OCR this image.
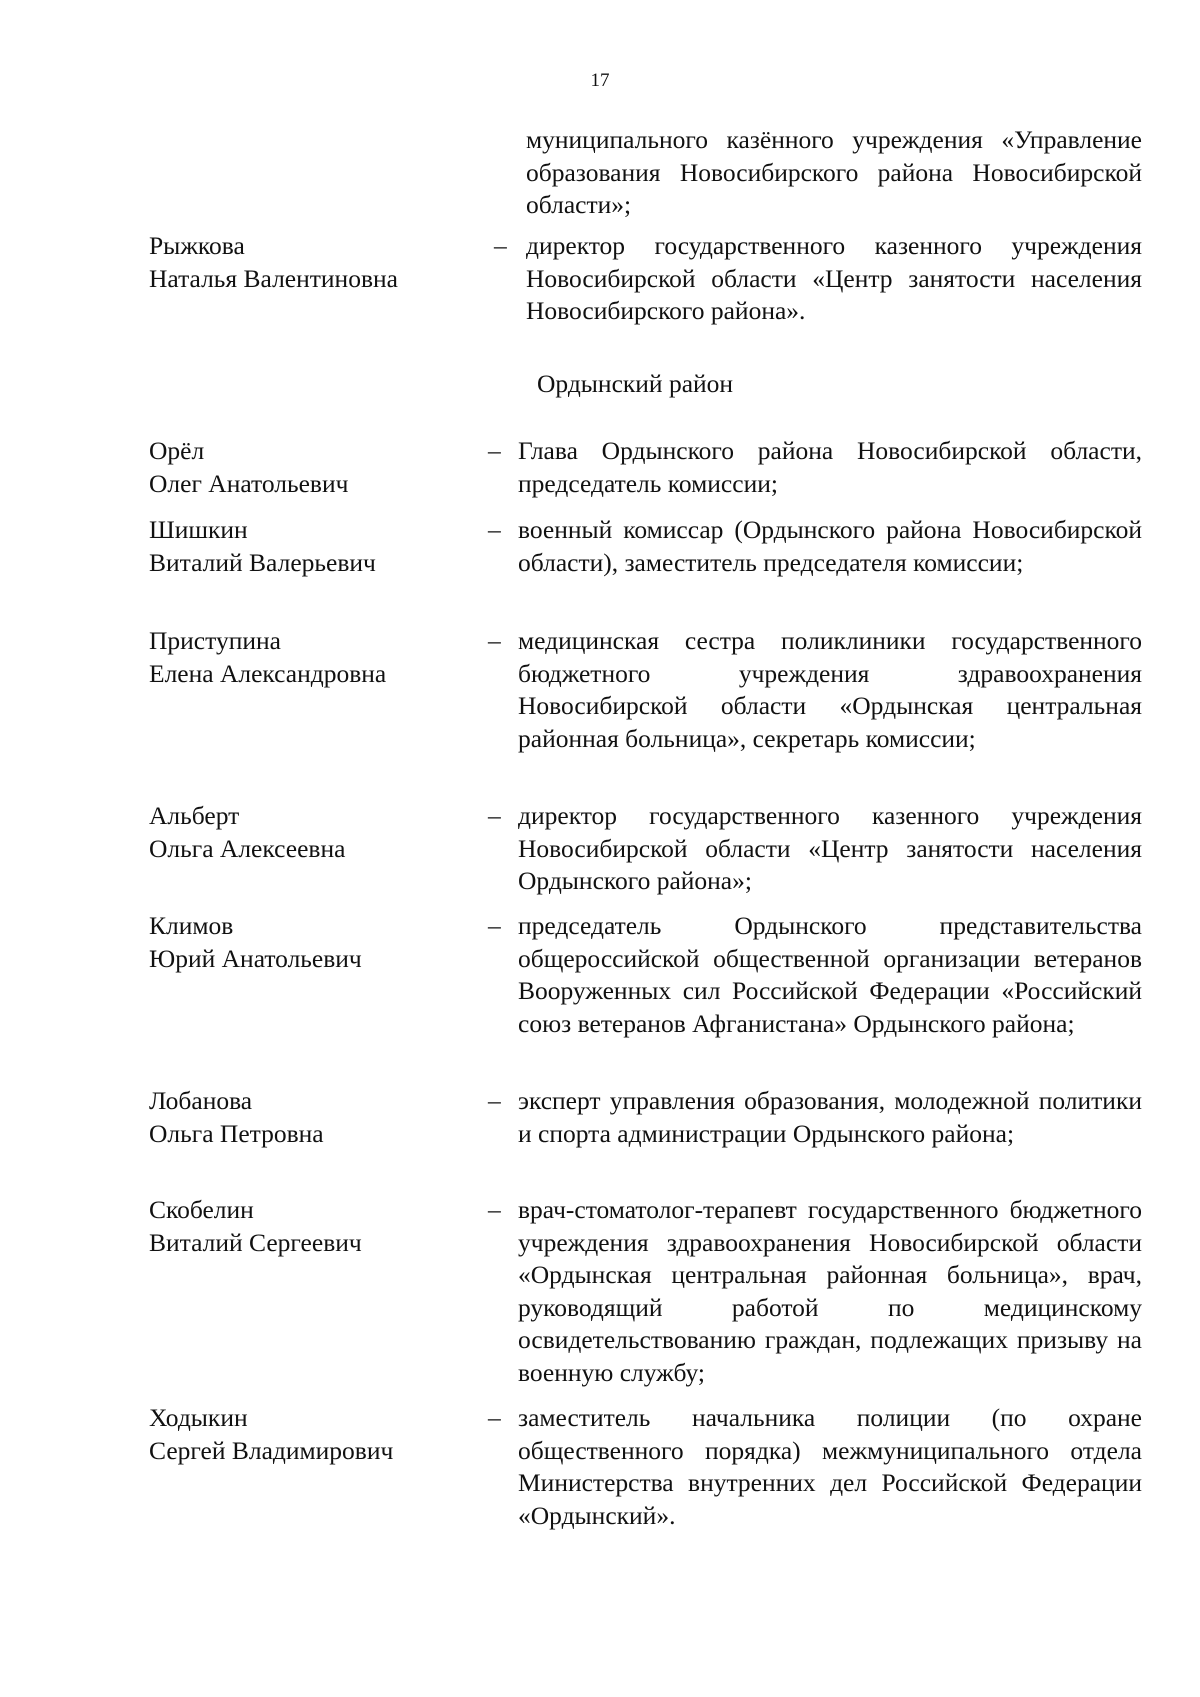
17
муниципального казённого учреждения «Управление образования Новосибирского района Новосибирской области»;
Рыжкова
Наталья Валентиновна
– директор государственного казенного учреждения Новосибирской области «Центр занятости населения Новосибирского района».
Ордынский район
Орёл
Олег Анатольевич
– Глава Ордынского района Новосибирской области, председатель комиссии;
Шишкин
Виталий Валерьевич
– военный комиссар (Ордынского района Новосибирской области), заместитель председателя комиссии;
Приступина
Елена Александровна
– медицинская сестра поликлиники государственного бюджетного учреждения здравоохранения Новосибирской области «Ордынская центральная районная больница», секретарь комиссии;
Альберт
Ольга Алексеевна
– директор государственного казенного учреждения Новосибирской области «Центр занятости населения Ордынского района»;
Климов
Юрий Анатольевич
– председатель Ордынского представительства общероссийской общественной организации ветеранов Вооруженных сил Российской Федерации «Российский союз ветеранов Афганистана» Ордынского района;
Лобанова
Ольга Петровна
– эксперт управления образования, молодежной политики и спорта администрации Ордынского района;
Скобелин
Виталий Сергеевич
– врач-стоматолог-терапевт государственного бюджетного учреждения здравоохранения Новосибирской области «Ордынская центральная районная больница», врач, руководящий работой по медицинскому освидетельствованию граждан, подлежащих призыву на военную службу;
Ходыкин
Сергей Владимирович
– заместитель начальника полиции (по охране общественного порядка) межмуниципального отдела Министерства внутренних дел Российской Федерации «Ордынский».
